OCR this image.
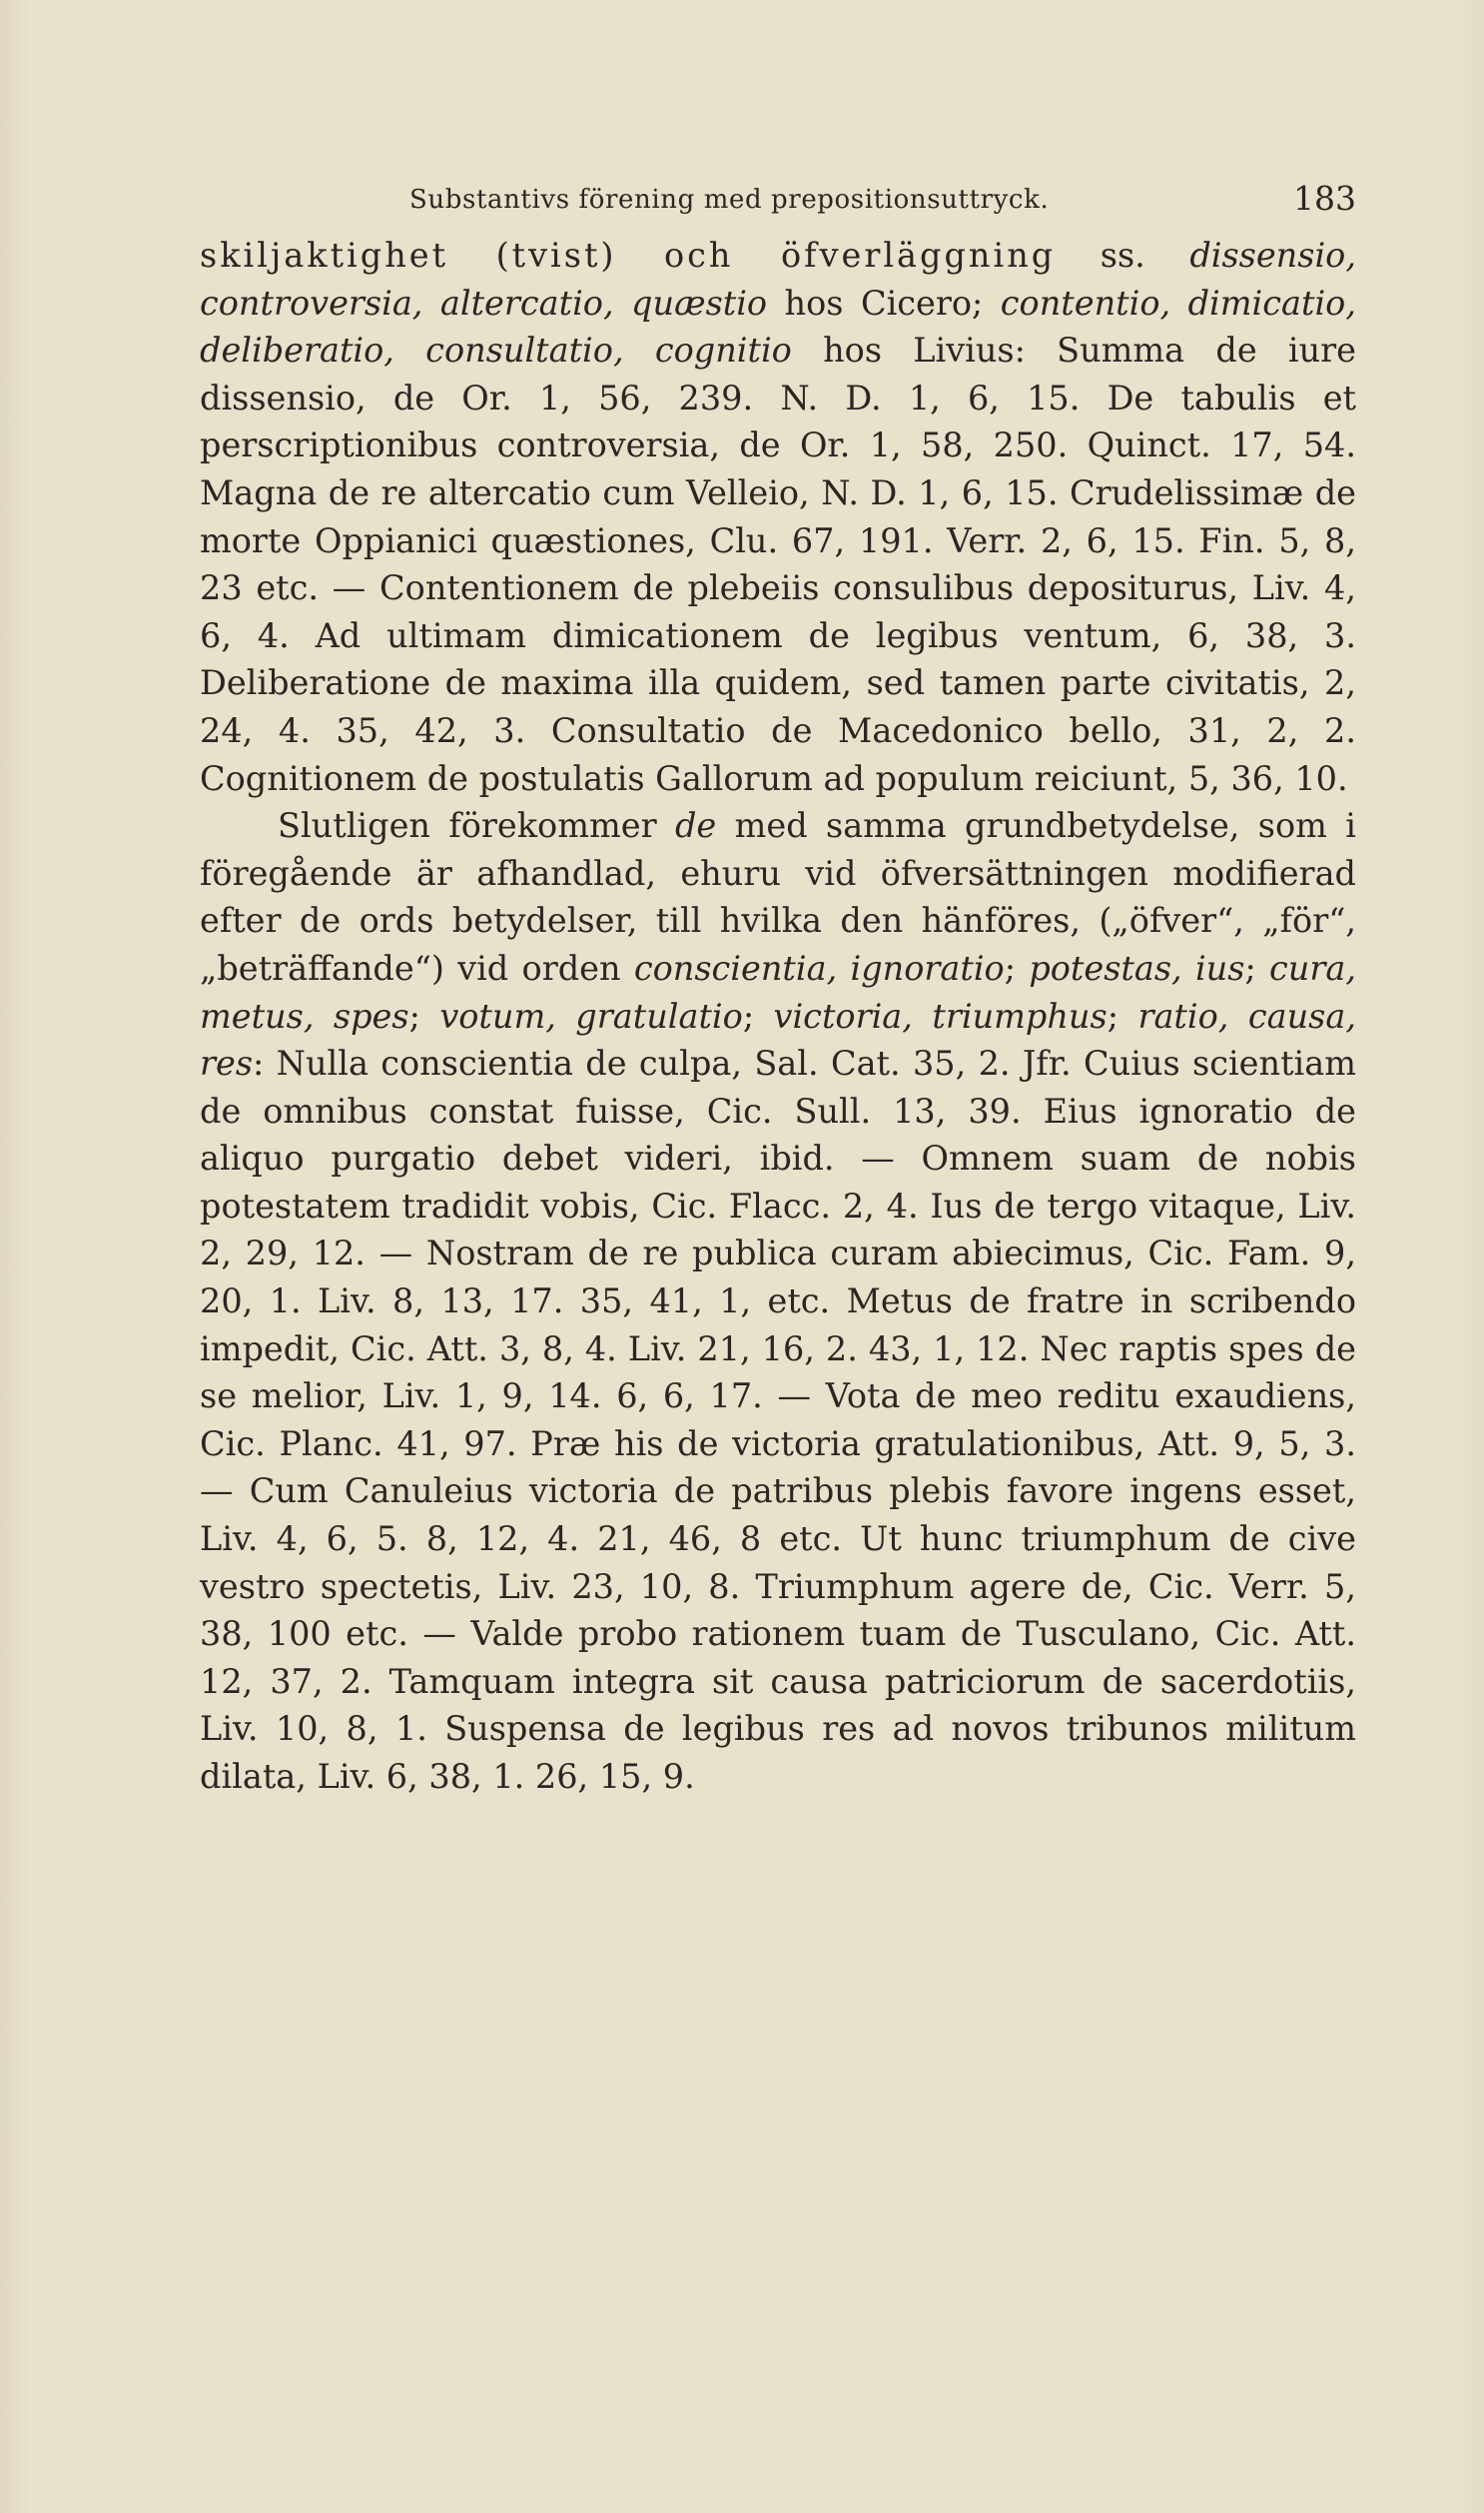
Substantivs förening med prepositionsuttryck.	183

skiljaktighet (tvist) och öfverläggning ss. dissensio, controversia, altercatio, quæstio hos Cicero; contentio, dimicatio, deliberatio, consultatio, cognitio hos Livius: Summa de iure dissensio, de Or. 1, 56, 239. N. D. 1, 6, 15. De tabulis et perscriptionibus controversia, de Or. 1, 58, 250. Quinct. 17, 54. Magna de re altercatio cum Velleio, N. D. 1, 6, 15. Crudelissimæ de morte Oppianici quæstiones, Clu. 67, 191. Verr. 2, 6, 15. Fin. 5, 8, 23 etc. — Contentionem de plebeiis consulibus depositurus, Liv. 4, 6, 4. Ad ultimam dimicationem de legibus ventum, 6, 38, 3. Deliberatione de maxima illa quidem, sed tamen parte civitatis, 2, 24, 4. 35, 42, 3. Consultatio de Macedonico bello, 31, 2, 2. Cognitionem de postulatis Gallorum ad populum reiciunt, 5, 36, 10.

Slutligen förekommer de med samma grundbetydelse, som i föregående är afhandlad, ehuru vid öfversättningen modifierad efter de ords betydelser, till hvilka den hänföres, („öfver“, „för“, „beträffande“) vid orden conscientia, ignoratio; potestas, ius; cura, metus, spes; votum, gratulatio; victoria, triumphus; ratio, causa, res: Nulla conscientia de culpa, Sal. Cat. 35, 2. Jfr. Cuius scientiam de omnibus constat fuisse, Cic. Sull. 13, 39. Eius ignoratio de aliquo purgatio debet videri, ibid. — Omnem suam de nobis potestatem tradidit vobis, Cic. Flacc. 2, 4. Ius de tergo vitaque, Liv. 2, 29, 12. — Nostram de re publica curam abiecimus, Cic. Fam. 9, 20, 1. Liv. 8, 13, 17. 35, 41, 1, etc. Metus de fratre in scribendo impedit, Cic. Att. 3, 8, 4. Liv. 21, 16, 2. 43, 1, 12. Nec raptis spes de se melior, Liv. 1, 9, 14. 6, 6, 17. — Vota de meo reditu exaudiens, Cic. Planc. 41, 97. Præ his de victoria gratulationibus, Att. 9, 5, 3. — Cum Canuleius victoria de patribus plebis favore ingens esset, Liv. 4, 6, 5. 8, 12, 4. 21, 46, 8 etc. Ut hunc triumphum de cive vestro spectetis, Liv. 23, 10, 8. Triumphum agere de, Cic. Verr. 5, 38, 100 etc. — Valde probo rationem tuam de Tusculano, Cic. Att. 12, 37, 2. Tamquam integra sit causa patriciorum de sacerdotiis, Liv. 10, 8, 1. Suspensa de legibus res ad novos tribunos militum dilata, Liv. 6, 38, 1. 26, 15, 9.
